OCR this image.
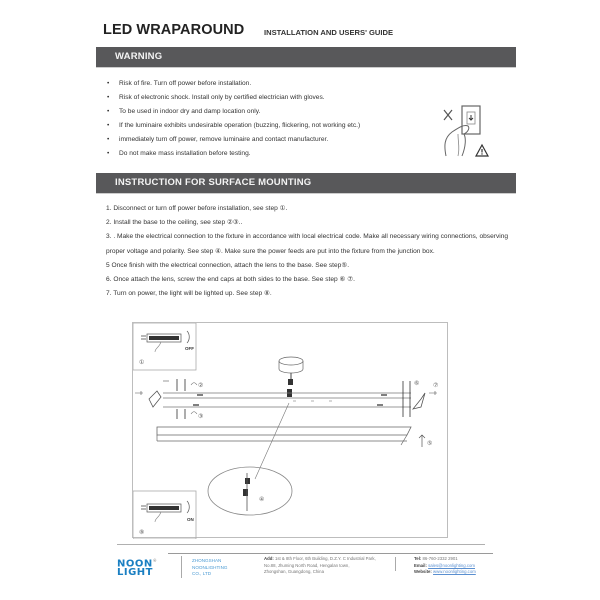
LED WRAPAROUND	INSTALLATION AND USERS' GUIDE
WARNING
• Risk of fire. Turn off power before installation.
• Risk of electronic shock. Install only by certified electrician with gloves.
• To be used in indoor dry and damp location only.
• If the luminaire exhibits undesirable operation (buzzing, flickering, not working etc.)
• immediately turn off power, remove luminaire and contact manufacturer.
• Do not make mass installation before testing.
INSTRUCTION FOR SURFACE MOUNTING

1. Disconnect or turn off power before installation, see step ①.

2. Install the base to the ceiling, see step ②③..

3. . Make the electrical connection to the fixture in accordance with local electrical code. Make all necessary wiring connections, observing proper voltage and polarity. See step ④. Make sure the power feeds are put into the fixture from the junction box.

5 Once finish with the electrical connection, attach the lens to the base. See step⑤.

6. Once attach the lens, screw the end caps at both sides to the base. See step ⑥ ⑦.

7. Turn on power, the light will be lighted up. See step ⑧.

OFF
①
②
③
⑥ ⑦
⑤
④
ON
⑧
NOON®
LIGHT
ZHONGSHAN
NOONLIGHTING
CO., LTD
Add: 1st & 8th Floor, 6th Building, D.Z.Y. C Industrial Park,
No.88, Jhuming North Road, Hengalan town,
Zhongshan, Guangdong, China
Tel: 86-760-2332 2901
Email: sales@noonlighting.com
Website: www.noonlighting.com
